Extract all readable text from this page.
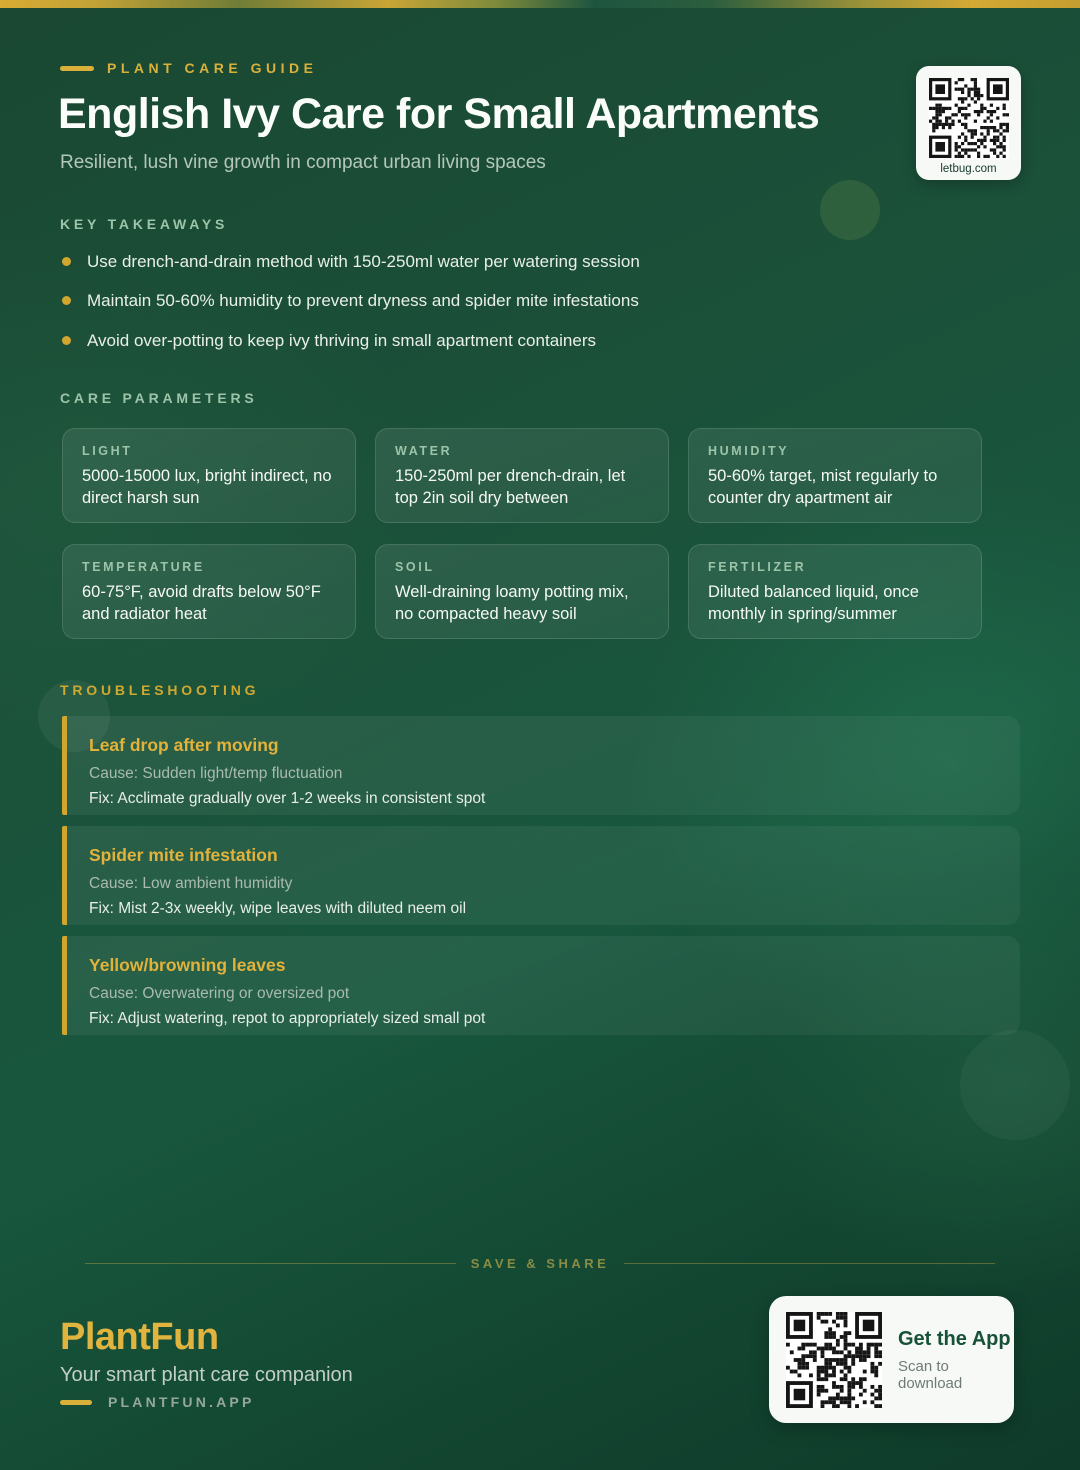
PLANT CARE GUIDE
English Ivy Care for Small Apartments
Resilient, lush vine growth in compact urban living spaces	letbug.com
KEY TAKEAWAYS
Use drench-and-drain method with 150-250ml water per watering session
Maintain 50-60% humidity to prevent dryness and spider mite infestations
Avoid over-potting to keep ivy thriving in small apartment containers
CARE PARAMETERS
LIGHT
5000-15000 lux, bright indirect, no direct harsh sun
WATER
150-250ml per drench-drain, let top 2in soil dry between
HUMIDITY
50-60% target, mist regularly to counter dry apartment air
TEMPERATURE
60-75°F, avoid drafts below 50°F and radiator heat
SOIL
Well-draining loamy potting mix, no compacted heavy soil
FERTILIZER
Diluted balanced liquid, once monthly in spring/summer
TROUBLESHOOTING
Leaf drop after moving
Cause: Sudden light/temp fluctuation
Fix: Acclimate gradually over 1-2 weeks in consistent spot
Spider mite infestation
Cause: Low ambient humidity
Fix: Mist 2-3x weekly, wipe leaves with diluted neem oil
Yellow/browning leaves
Cause: Overwatering or oversized pot
Fix: Adjust watering, repot to appropriately sized small pot
SAVE & SHARE
PlantFun
Your smart plant care companion
PLANTFUN.APP
Get the App
Scan to download
